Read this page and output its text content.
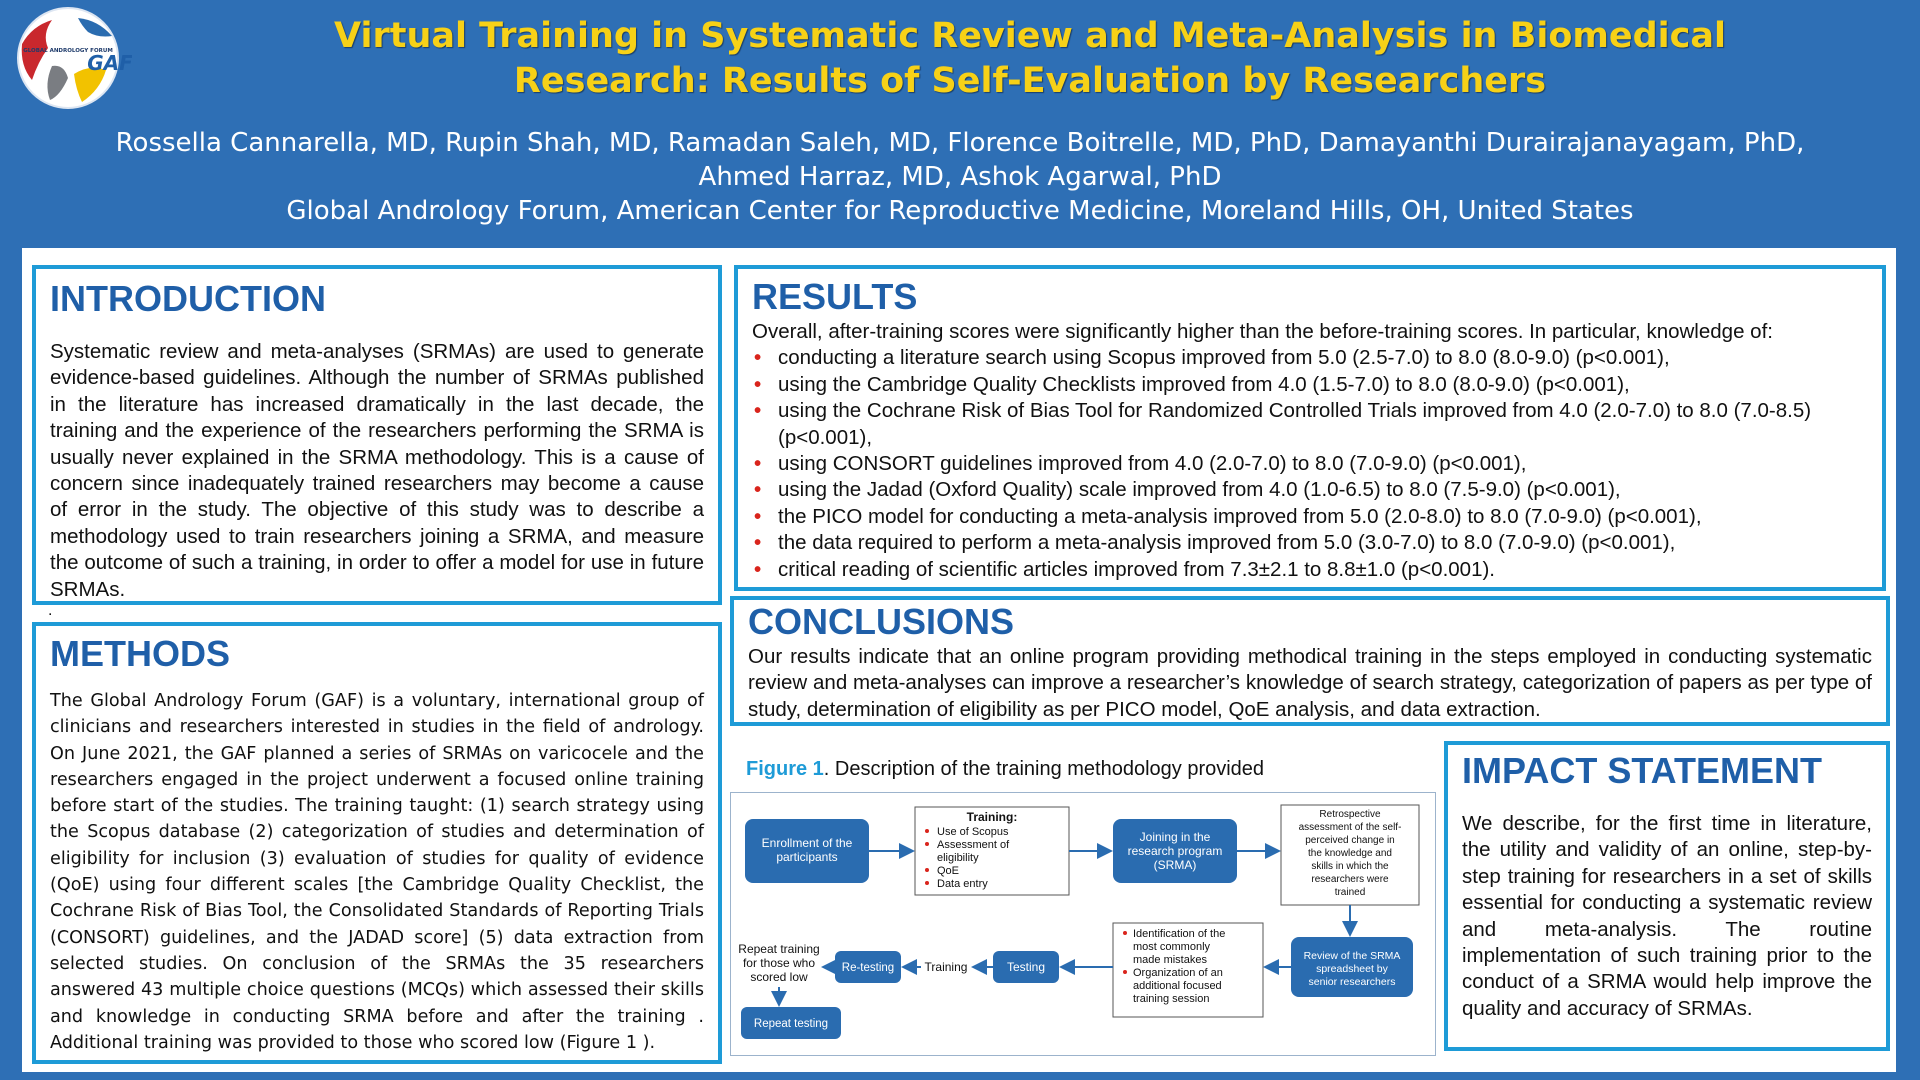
GLOBAL ANDROLOGY FORUM
GAF
Virtual Training in Systematic Review and Meta-Analysis in Biomedical
Research: Results of Self-Evaluation by Researchers
Rossella Cannarella, MD, Rupin Shah, MD, Ramadan Saleh, MD, Florence Boitrelle, MD, PhD, Damayanthi Durairajanayagam, PhD,
Ahmed Harraz, MD, Ashok Agarwal, PhD
Global Andrology Forum, American Center for Reproductive Medicine, Moreland Hills, OH, United States
INTRODUCTION
Systematic review and meta-analyses (SRMAs) are used to generate evidence-based guidelines. Although the number of SRMAs published in the literature has increased dramatically in the last decade, the training and the experience of the researchers performing the SRMA is usually never explained in the SRMA methodology. This is a cause of concern since inadequately trained researchers may become a cause of error in the study. The objective of this study was to describe a methodology used to train researchers joining a SRMA, and measure the outcome of such a training, in order to offer a model for use in future SRMAs.
.
METHODS
The Global Andrology Forum (GAF) is a voluntary, international group of clinicians and researchers interested in studies in the field of andrology. On June 2021, the GAF planned a series of SRMAs on varicocele and the researchers engaged in the project underwent a focused online training before start of the studies. The training taught: (1) search strategy using the Scopus database (2) categorization of studies and determination of eligibility for inclusion (3) evaluation of studies for quality of evidence (QoE) using four different scales [the Cambridge Quality Checklist, the Cochrane Risk of Bias Tool, the Consolidated Standards of Reporting Trials (CONSORT) guidelines, and the JADAD score] (5) data extraction from selected studies. On conclusion of the SRMAs the 35 researchers answered 43 multiple choice questions (MCQs) which assessed their skills and knowledge in conducting SRMA before and after the training . Additional training was provided to those who scored low (Figure 1 ).
RESULTS
Overall, after-training scores were significantly higher than the before-training scores. In particular, knowledge of:
• conducting a literature search using Scopus improved from 5.0 (2.5-7.0) to 8.0 (8.0-9.0) (p<0.001),
• using the Cambridge Quality Checklists improved from 4.0 (1.5-7.0) to 8.0 (8.0-9.0) (p<0.001),
• using the Cochrane Risk of Bias Tool for Randomized Controlled Trials improved from 4.0 (2.0-7.0) to 8.0 (7.0-8.5) (p<0.001),
• using CONSORT guidelines improved from 4.0 (2.0-7.0) to 8.0 (7.0-9.0) (p<0.001),
• using the Jadad (Oxford Quality) scale improved from 4.0 (1.0-6.5) to 8.0 (7.5-9.0) (p<0.001),
• the PICO model for conducting a meta-analysis improved from 5.0 (2.0-8.0) to 8.0 (7.0-9.0) (p<0.001),
• the data required to perform a meta-analysis improved from 5.0 (3.0-7.0) to 8.0 (7.0-9.0) (p<0.001),
• critical reading of scientific articles improved from 7.3±2.1 to 8.8±1.0 (p<0.001).
CONCLUSIONS
Our results indicate that an online program providing methodical training in the steps employed in conducting systematic review and meta-analyses can improve a researcher’s knowledge of search strategy, categorization of papers as per type of study, determination of eligibility as per PICO model, QoE analysis, and data extraction.
Figure 1. Description of the training methodology provided
Enrollment of the
participants
Training:
Use of Scopus
Assessment of
eligibility
QoE
Data entry
Joining in the
research program
(SRMA)
Retrospective
assessment of the self-
perceived change in
the knowledge and
skills in which the
researchers were
trained
Review of the SRMA
spreadsheet by
senior researchers
Identification of the
most commonly
made mistakes
Organization of an
additional focused
training session
Testing
Training
Re-testing
Repeat training
for those who
scored low
Repeat testing
IMPACT STATEMENT
We describe, for the first time in literature, the utility and validity of an online, step-by-step training for researchers in a set of skills essential for conducting a systematic review and meta-analysis. The routine implementation of such training prior to the conduct of a SRMA would help improve the quality and accuracy of SRMAs.
